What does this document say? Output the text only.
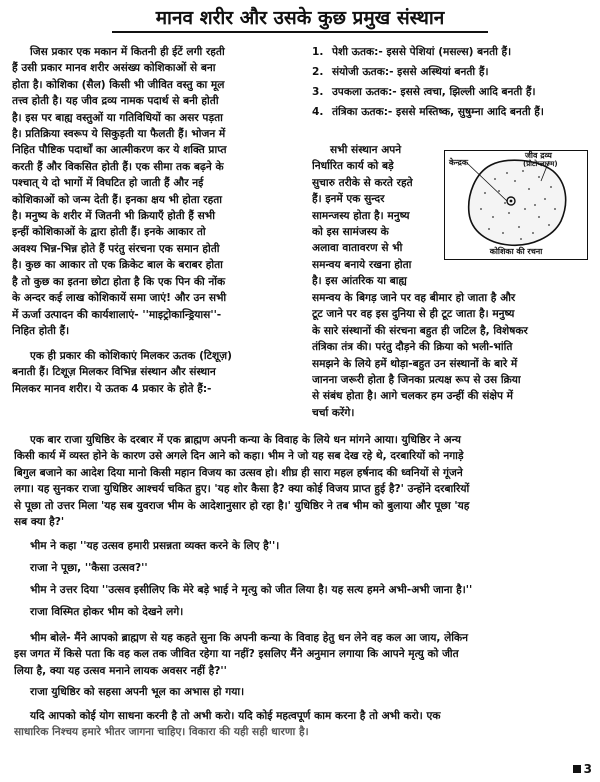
मानव शरीर और उसके कुछ प्रमुख संस्थान
जिस प्रकार एक मकान में कितनी ही ईटें लगी रहती
हैं उसी प्रकार मानव शरीर असंख्य कोशिकाओं से बना
होता है। कोशिका (सैल) किसी भी जीवित वस्तु का मूल
तत्त्व होती है। यह जीव द्रव्य नामक पदार्थ से बनी होती
है। इस पर बाह्य वस्तुओं या गतिविधियों का असर पड़ता
है। प्रतिक्रिया स्वरूप ये सिकुड़ती या फैलती हैं। भोजन में
निहित पौष्टिक पदार्थों का आत्मीकरण कर ये शक्ति प्राप्त
करती हैं और विकसित होती हैं। एक सीमा तक बढ़ने के
पश्चात् ये दो भागों में विघटित हो जाती हैं और नई
कोशिकाओं को जन्म देती हैं। इनका क्षय भी होता रहता
है। मनुष्य के शरीर में जितनी भी क्रियाएँ होती हैं सभी
इन्हीं कोशिकाओं के द्वारा होती हैं। इनके आकार तो
अवश्य भिन्न-भिन्न होते हैं परंतु संरचना एक समान होती
है। कुछ का आकार तो एक क्रिकेट बाल के बराबर होता
है तो कुछ का इतना छोटा होता है कि एक पिन की नोंक
के अन्दर कई लाख कोशिकायें समा जाएं! और उन सभी
में ऊर्जा उत्पादन की कार्यशालाएं- ''माइट्रोकान्ड्रियास''-
निहित होती हैं।
एक ही प्रकार की कोशिकाएं मिलकर ऊतक (टिशूज़)
बनाती हैं। टिशूज़ मिलकर विभिन्न संस्थान और संस्थान
मिलकर मानव शरीर। ये ऊतक 4 प्रकार के होते हैं:-
1. पेशी ऊतक:- इससे पेशियां (मसल्स) बनती हैं।
2. संयोजी ऊतक:- इससे अस्थियां बनती हैं।
3. उपकला ऊतक:- इससे त्वचा, झिल्ली आदि बनती हैं।
4. तंत्रिका ऊतक:- इससे मस्तिष्क, सुषुम्ना आदि बनती हैं।
सभी संस्थान अपने
निर्धारित कार्य को बड़े
सुचारु तरीके से करते रहते
हैं। इनमें एक सुन्दर
सामन्जस्य होता है। मनुष्य
को इस सामंजस्य के
अलावा वातावरण से भी
समन्वय बनाये रखना होता
है। इस आंतरिक या बाह्य
केन्द्रक
जीव द्रव्य
(प्रोटोप्लाज्म)
कोशिका की रचना
समन्वय के बिगड़ जाने पर वह बीमार हो जाता है और
टूट जाने पर वह इस दुनिया से ही टूट जाता है। मनुष्य
के सारे संस्थानों की संरचना बहुत ही जटिल है, विशेषकर
तंत्रिका तंत्र की। परंतु दौड़ने की क्रिया को भली-भांति
समझने के लिये हमें थोड़ा-बहुत उन संस्थानों के बारे में
जानना जरूरी होता है जिनका प्रत्यक्ष रूप से उस क्रिया
से संबंध होता है। आगे चलकर हम उन्हीं की संक्षेप में
चर्चा करेंगे।
एक बार राजा युधिष्ठिर के दरबार में एक ब्राह्मण अपनी कन्या के विवाह के लिये धन मांगने आया। युधिष्ठिर ने अन्य
किसी कार्य में व्यस्त होने के कारण उसे अगले दिन आने को कहा। भीम ने जो यह सब देख रहे थे, दरबारियों को नगाड़े
बिगुल बजाने का आदेश दिया मानो किसी महान विजय का उत्सव हो। शीघ्र ही सारा महल हर्षनाद की ध्वनियों से गूंजने
लगा। यह सुनकर राजा युधिष्ठिर आश्चर्य चकित हुए। 'यह शोर कैसा है? क्या कोई विजय प्राप्त हुई है?' उन्होंने दरबारियों
से पूछा तो उत्तर मिला 'यह सब युवराज भीम के आदेशानुसार हो रहा है।' युधिष्ठिर ने तब भीम को बुलाया और पूछा 'यह
सब क्या है?'
भीम ने कहा ''यह उत्सव हमारी प्रसन्नता व्यक्त करने के लिए है''।
राजा ने पूछा, ''कैसा उत्सव?''
भीम ने उत्तर दिया ''उत्सव इसीलिए कि मेरे बड़े भाई ने मृत्यु को जीत लिया है। यह सत्य हमने अभी-अभी जाना है।''
राजा विस्मित होकर भीम को देखने लगे।
भीम बोले- मैंने आपको ब्राह्मण से यह कहते सुना कि अपनी कन्या के विवाह हेतु धन लेने वह कल आ जाय, लेकिन
इस जगत में किसे पता कि वह कल तक जीवित रहेगा या नहीं? इसलिए मैंने अनुमान लगाया कि आपने मृत्यु को जीत
लिया है, क्या यह उत्सव मनाने लायक अवसर नहीं है?''
राजा युधिष्ठिर को सहसा अपनी भूल का अभास हो गया।
यदि आपको कोई योग साधना करनी है तो अभी करो। यदि कोई महत्वपूर्ण काम करना है तो अभी करो। एक
साधारिक निश्चय हमारे भीतर जागना चाहिए। विकारा की यही सही धारणा है।
3
